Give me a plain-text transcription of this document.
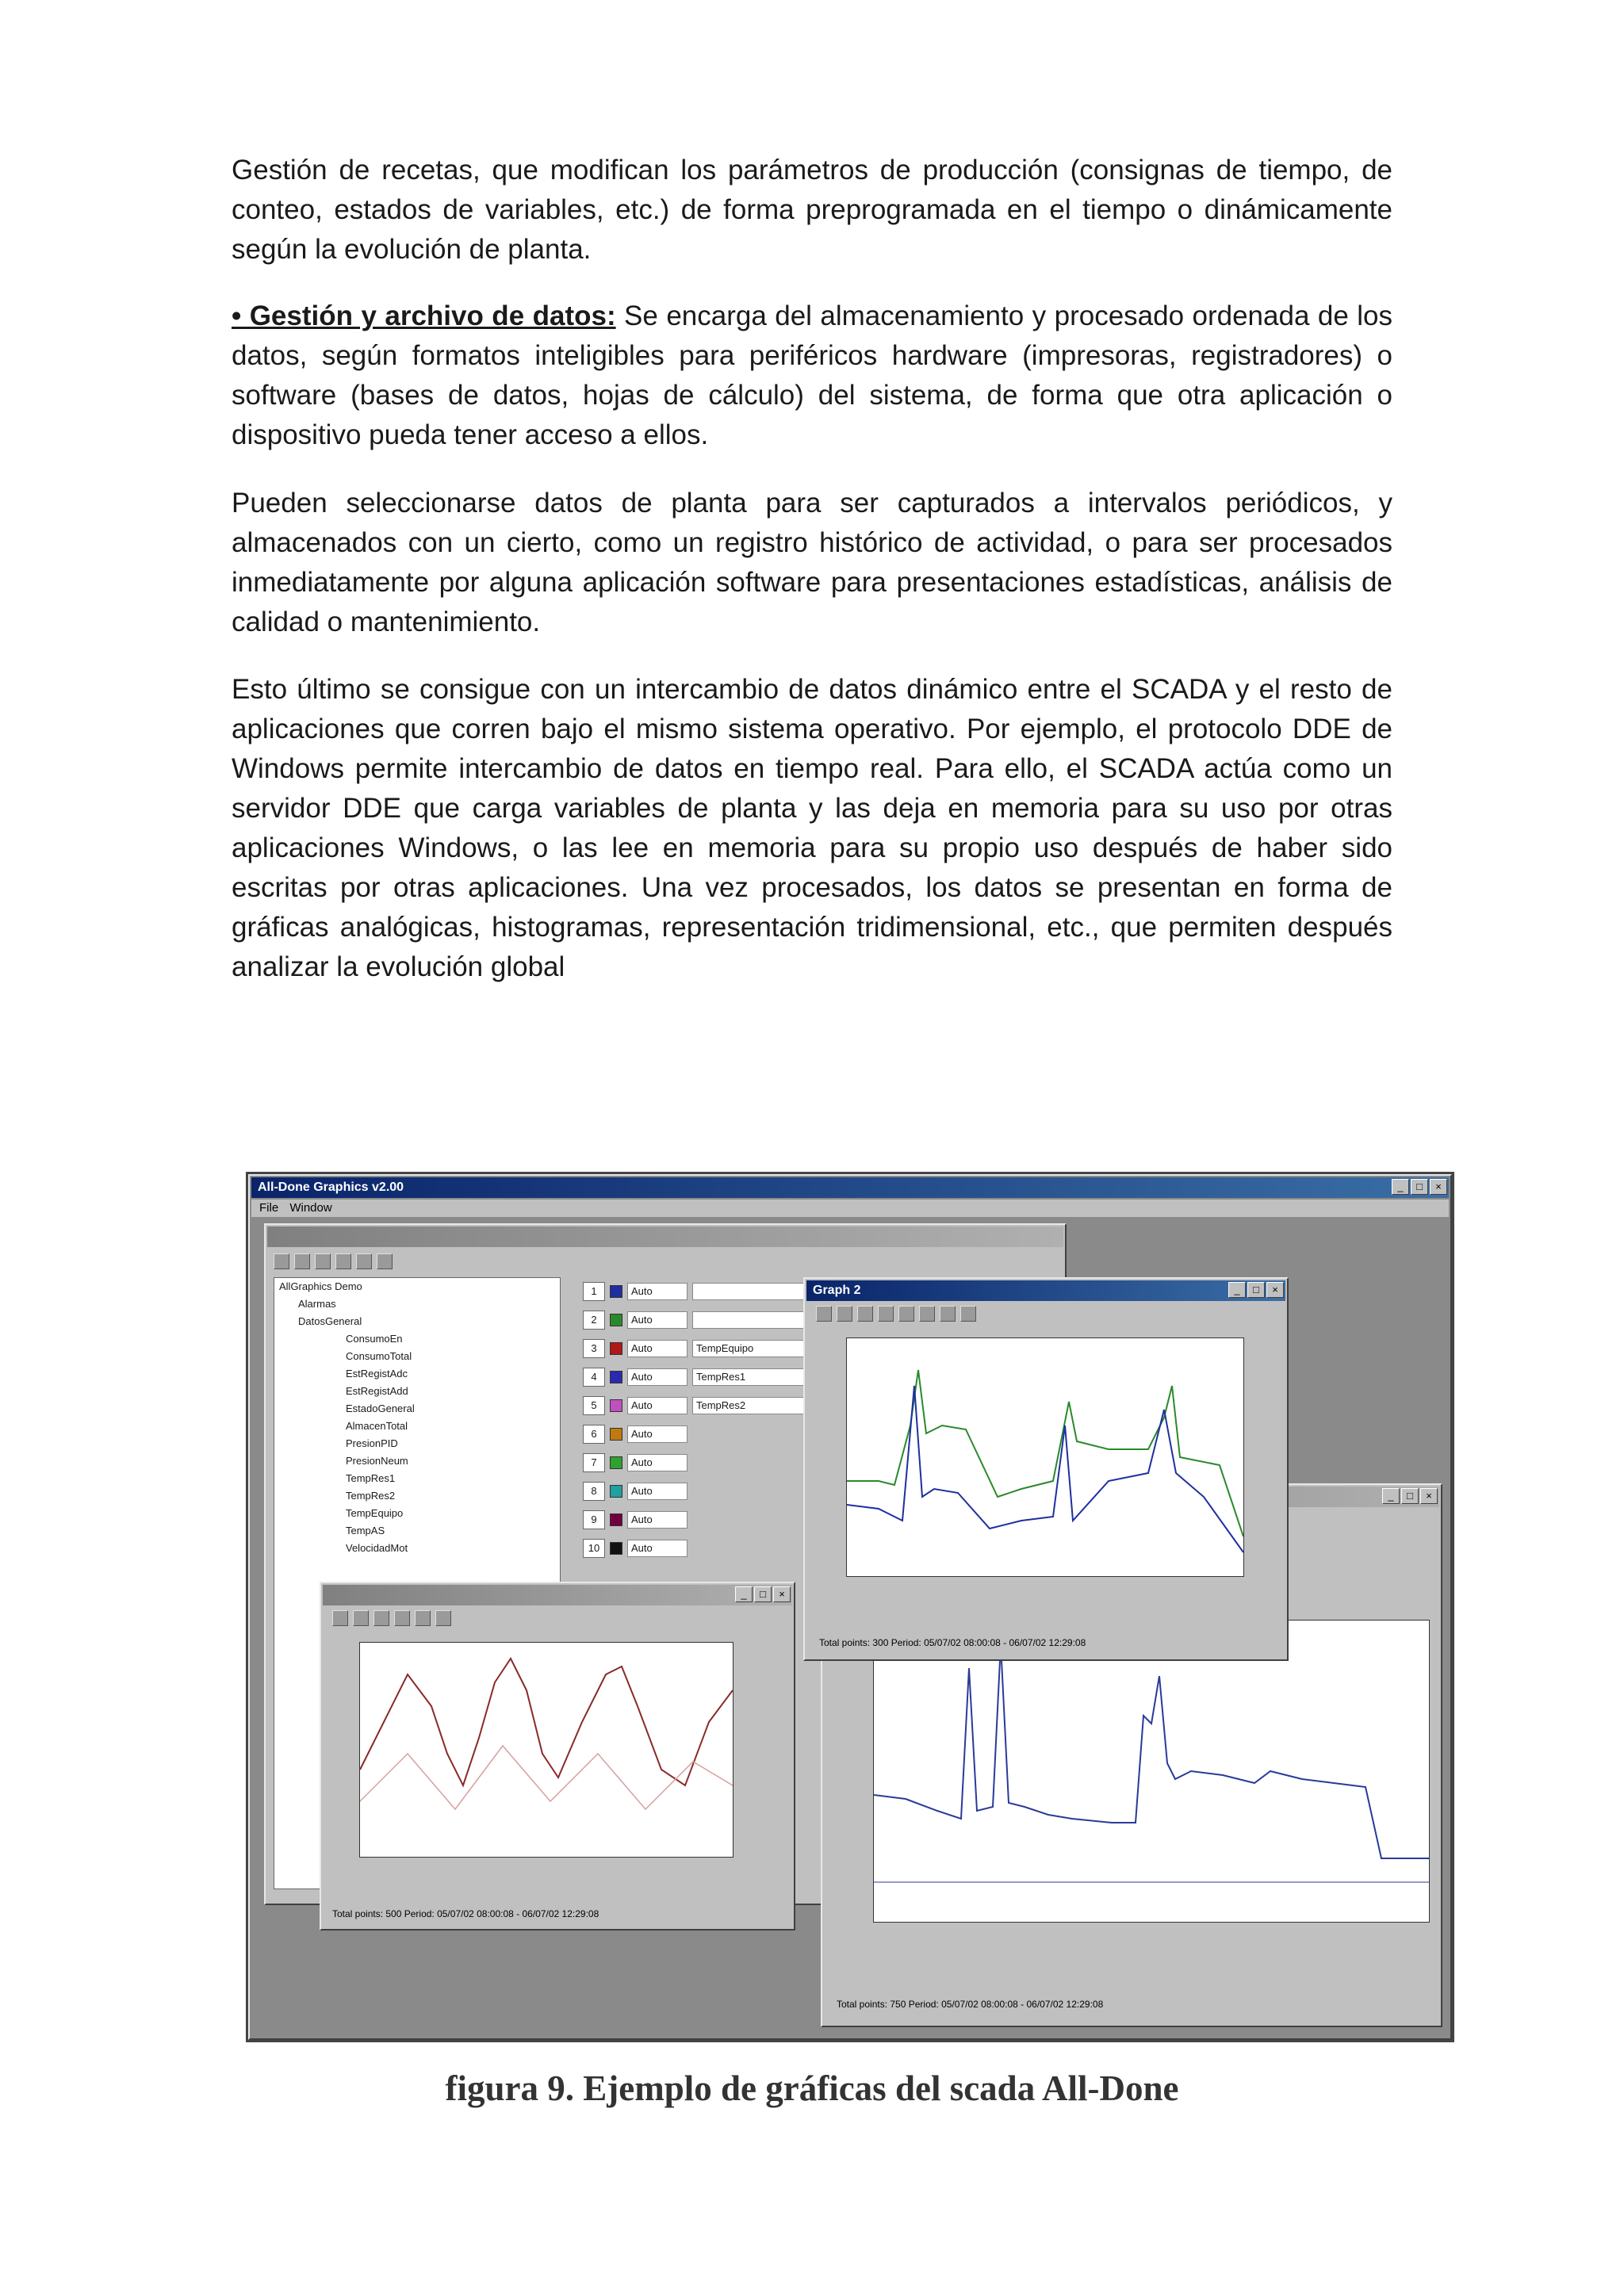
Gestión de recetas, que modifican los parámetros de producción (consignas de tiempo, de conteo, estados de variables, etc.) de forma preprogramada en el tiempo o dinámicamente según la evolución de planta.

• Gestión y archivo de datos: Se encarga del almacenamiento y procesado ordenada de los datos, según formatos inteligibles para periféricos hardware (impresoras, registradores) o software (bases de datos, hojas de cálculo) del sistema, de forma que otra aplicación o dispositivo pueda tener acceso a ellos.

Pueden seleccionarse datos de planta para ser capturados a intervalos periódicos, y almacenados con un cierto, como un registro histórico de actividad, o para ser procesados inmediatamente por alguna aplicación software para presentaciones estadísticas, análisis de calidad o mantenimiento.

Esto último se consigue con un intercambio de datos dinámico entre el SCADA y el resto de aplicaciones que corren bajo el mismo sistema operativo. Por ejemplo, el protocolo DDE de Windows permite intercambio de datos en tiempo real. Para ello, el SCADA actúa como un servidor DDE que carga variables de planta y las deja en memoria para su uso por otras aplicaciones Windows, o las lee en memoria para su propio uso después de haber sido escritas por otras aplicaciones. Una vez procesados, los datos se presentan en forma de gráficas analógicas, histogramas, representación tridimensional, etc., que permiten después analizar la evolución global

All-Done Graphics v2.00	_	□	×
File Window
AllGraphics Demo
Alarmas
DatosGeneral
ConsumoEn
ConsumoTotal
EstRegistAdc
EstRegistAdd
EstadoGeneral
AlmacenTotal
PresionPID
PresionNeum
TempRes1
TempRes2
TempEquipo
TempAS
VelocidadMot
1	Auto
2	Auto
3	Auto	TempEquipo
4	Auto	TempRes1
5	Auto	TempRes2
6	Auto
7	Auto
8	Auto
9	Auto
10	Auto
_	□	×
Total points: 750 Period: 05/07/02 08:00:08 - 06/07/02 12:29:08
Graph 2	_	□	×
Total points: 300 Period: 05/07/02 08:00:08 - 06/07/02 12:29:08
_	□	×
Total points: 500 Period: 05/07/02 08:00:08 - 06/07/02 12:29:08

figura 9. Ejemplo de gráficas del scada All-Done
